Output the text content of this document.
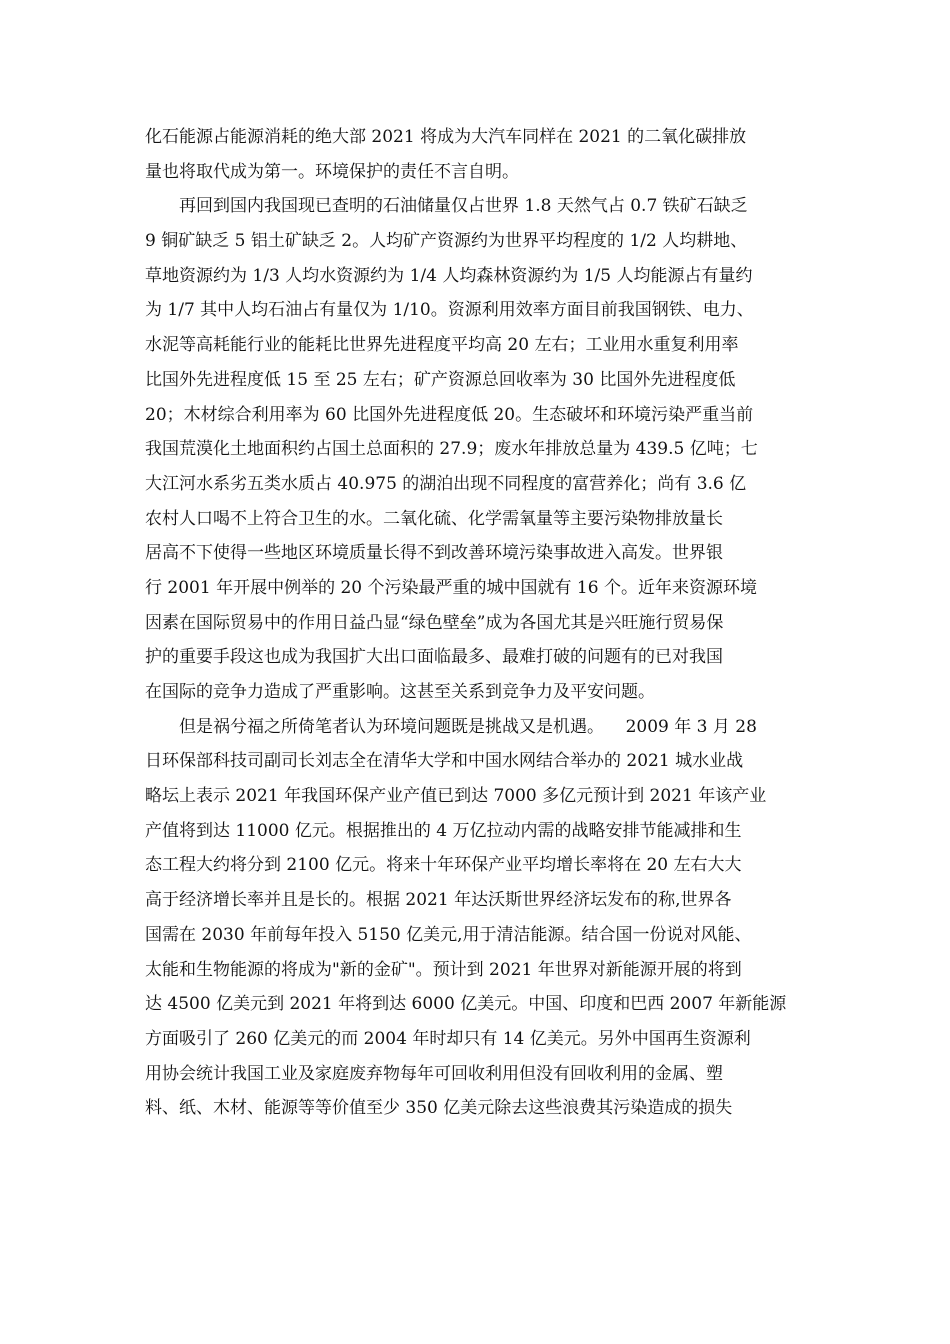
化石能源占能源消耗的绝大部 2021 将成为大汽车同样在 2021 的二氧化碳排放
量也将取代成为第一。环境保护的责任不言自明。
再回到国内我国现已查明的石油储量仅占世界 1.8 天然气占 0.7 铁矿石缺乏
9 铜矿缺乏 5 铝土矿缺乏 2。人均矿产资源约为世界平均程度的 1/2 人均耕地、
草地资源约为 1/3 人均水资源约为 1/4 人均森林资源约为 1/5 人均能源占有量约
为 1/7 其中人均石油占有量仅为 1/10。资源利用效率方面目前我国钢铁、电力、
水泥等高耗能行业的能耗比世界先进程度平均高 20 左右；工业用水重复利用率
比国外先进程度低 15 至 25 左右；矿产资源总回收率为 30 比国外先进程度低
20；木材综合利用率为 60 比国外先进程度低 20。生态破坏和环境污染严重当前
我国荒漠化土地面积约占国土总面积的 27.9；废水年排放总量为 439.5 亿吨；七
大江河水系劣五类水质占 40.975 的湖泊出现不同程度的富营养化；尚有 3.6 亿
农村人口喝不上符合卫生的水。二氧化硫、化学需氧量等主要污染物排放量长
居高不下使得一些地区环境质量长得不到改善环境污染事故进入高发。世界银
行 2001 年开展中例举的 20 个污染最严重的城中国就有 16 个。近年来资源环境
因素在国际贸易中的作用日益凸显“绿色壁垒”成为各国尤其是兴旺施行贸易保
护的重要手段这也成为我国扩大出口面临最多、最难打破的问题有的已对我国
在国际的竞争力造成了严重影响。这甚至关系到竞争力及平安问题。
但是祸兮福之所倚笔者认为环境问题既是挑战又是机遇。    2009 年 3 月 28
日环保部科技司副司长刘志全在清华大学和中国水网结合举办的 2021 城水业战
略坛上表示 2021 年我国环保产业产值已到达 7000 多亿元预计到 2021 年该产业
产值将到达 11000 亿元。根据推出的 4 万亿拉动内需的战略安排节能减排和生
态工程大约将分到 2100 亿元。将来十年环保产业平均增长率将在 20 左右大大
高于经济增长率并且是长的。根据 2021 年达沃斯世界经济坛发布的称,世界各
国需在 2030 年前每年投入 5150 亿美元,用于清洁能源。结合国一份说对风能、
太能和生物能源的将成为"新的金矿"。预计到 2021 年世界对新能源开展的将到
达 4500 亿美元到 2021 年将到达 6000 亿美元。中国、印度和巴西 2007 年新能源
方面吸引了 260 亿美元的而 2004 年时却只有 14 亿美元。另外中国再生资源利
用协会统计我国工业及家庭废弃物每年可回收利用但没有回收利用的金属、塑
料、纸、木材、能源等等价值至少 350 亿美元除去这些浪费其污染造成的损失
